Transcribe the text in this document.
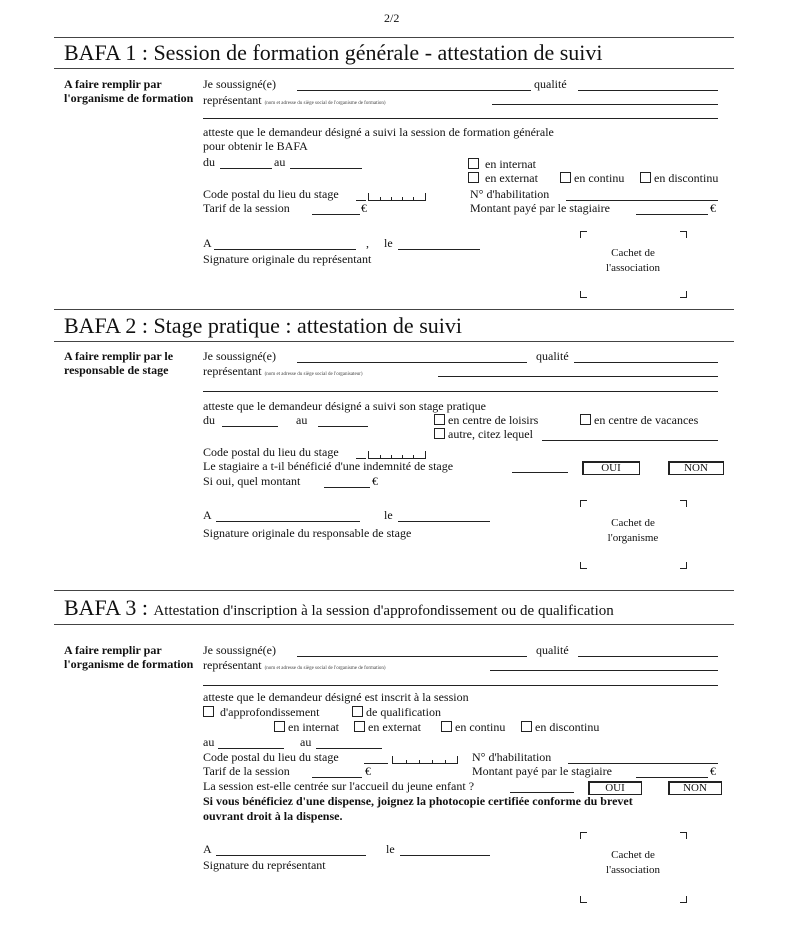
2/2
BAFA 1 : Session de formation générale - attestation de suivi
A faire remplir par l'organisme de formation
Je soussigné(e)	qualité
représentant (nom et adresse du siège social de l'organisme de formation)
atteste que le demandeur désigné a suivi la session de formation générale
pour obtenir le BAFA
du	au	en internat
en externat	en continu	en discontinu
Code postal du lieu du stage	N° d'habilitation
Tarif de la session	€	Montant payé par le stagiaire	€
A	, le
Signature originale du représentant	Cachet de
l'association
BAFA 2 : Stage pratique : attestation de suivi
A faire remplir par le responsable de stage
Je soussigné(e)	qualité
représentant (nom et adresse du siège social de l'organisateur)
atteste que le demandeur désigné a suivi son stage pratique
du	au	en centre de loisirs	en centre de vacances
autre, citez lequel
Code postal du lieu du stage
Le stagiaire a t-il bénéficié d'une indemnité de stage	OUI	NON
Si oui, quel montant	€
A	le
Signature originale du responsable de stage
Cachet de
l'organisme
BAFA 3 : Attestation d'inscription à la session d'approfondissement ou de qualification
A faire remplir par l'organisme de formation
Je soussigné(e)	qualité
représentant (nom et adresse du siège social de l'organisme de formation)
atteste que le demandeur désigné est inscrit à la session
d'approfondissement	de qualification
en internat	en externat	en continu	en discontinu
au	au
Code postal du lieu du stage	N° d'habilitation
Tarif de la session	€	Montant payé par le stagiaire	€
La session est-elle centrée sur l'accueil du jeune enfant ?	OUI	NON
Si vous bénéficiez d'une dispense, joignez la photocopie certifiée conforme du brevet
ouvrant droit à la dispense.
A	le
Signature du représentant
Cachet de
l'association
